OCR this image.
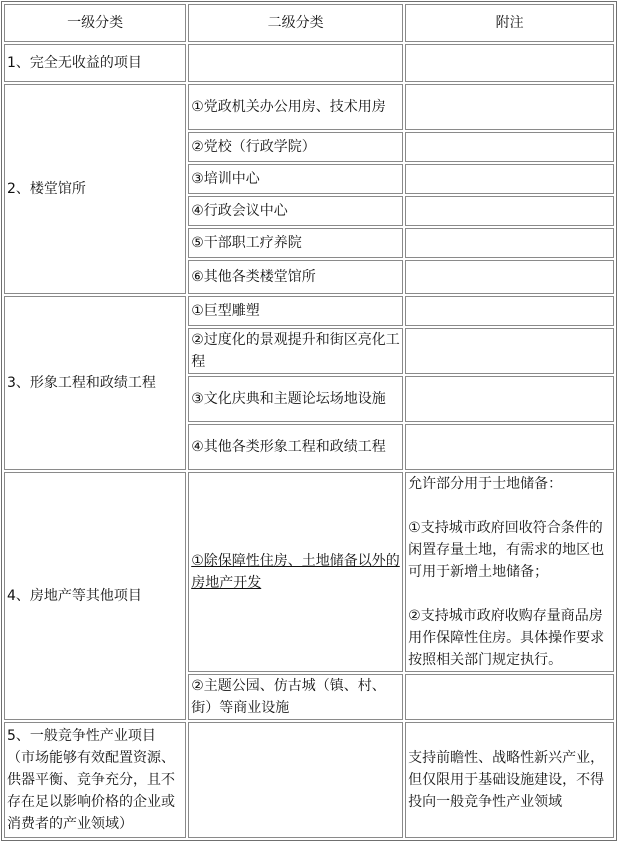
一级分类	二级分类	附注
1、完全无收益的项目		
2、楼堂馆所	①党政机关办公用房、技术用房	
	②党校（行政学院）	
	③培训中心	
	④行政会议中心	
	⑤干部职工疗养院	
	⑥其他各类楼堂馆所	
3、形象工程和政绩工程	①巨型雕塑	
	②过度化的景观提升和街区亮化工程	
	③文化庆典和主题论坛场地设施	
	④其他各类形象工程和政绩工程	
4、房地产等其他项目	①除保障性住房、土地储备以外的房地产开发	允许部分用于士地储备：

①支持城市政府回收符合条件的闲置存量土地，有需求的地区也可用于新增土地储备；

②支持城市政府收购存量商品房用作保障性住房。具体操作要求按照相关部门规定执行。

	②主题公园、仿古城（镇、村、街）等商业设施	
5、一般竞争性产业项目（市场能够有效配置资源、供器平衡、竞争充分，且不存在足以影响价格的企业或消费者的产业领域）		支持前瞻性、战略性新兴产业，但仅限用于基础设施建设，不得投向一般竞争性产业领域
